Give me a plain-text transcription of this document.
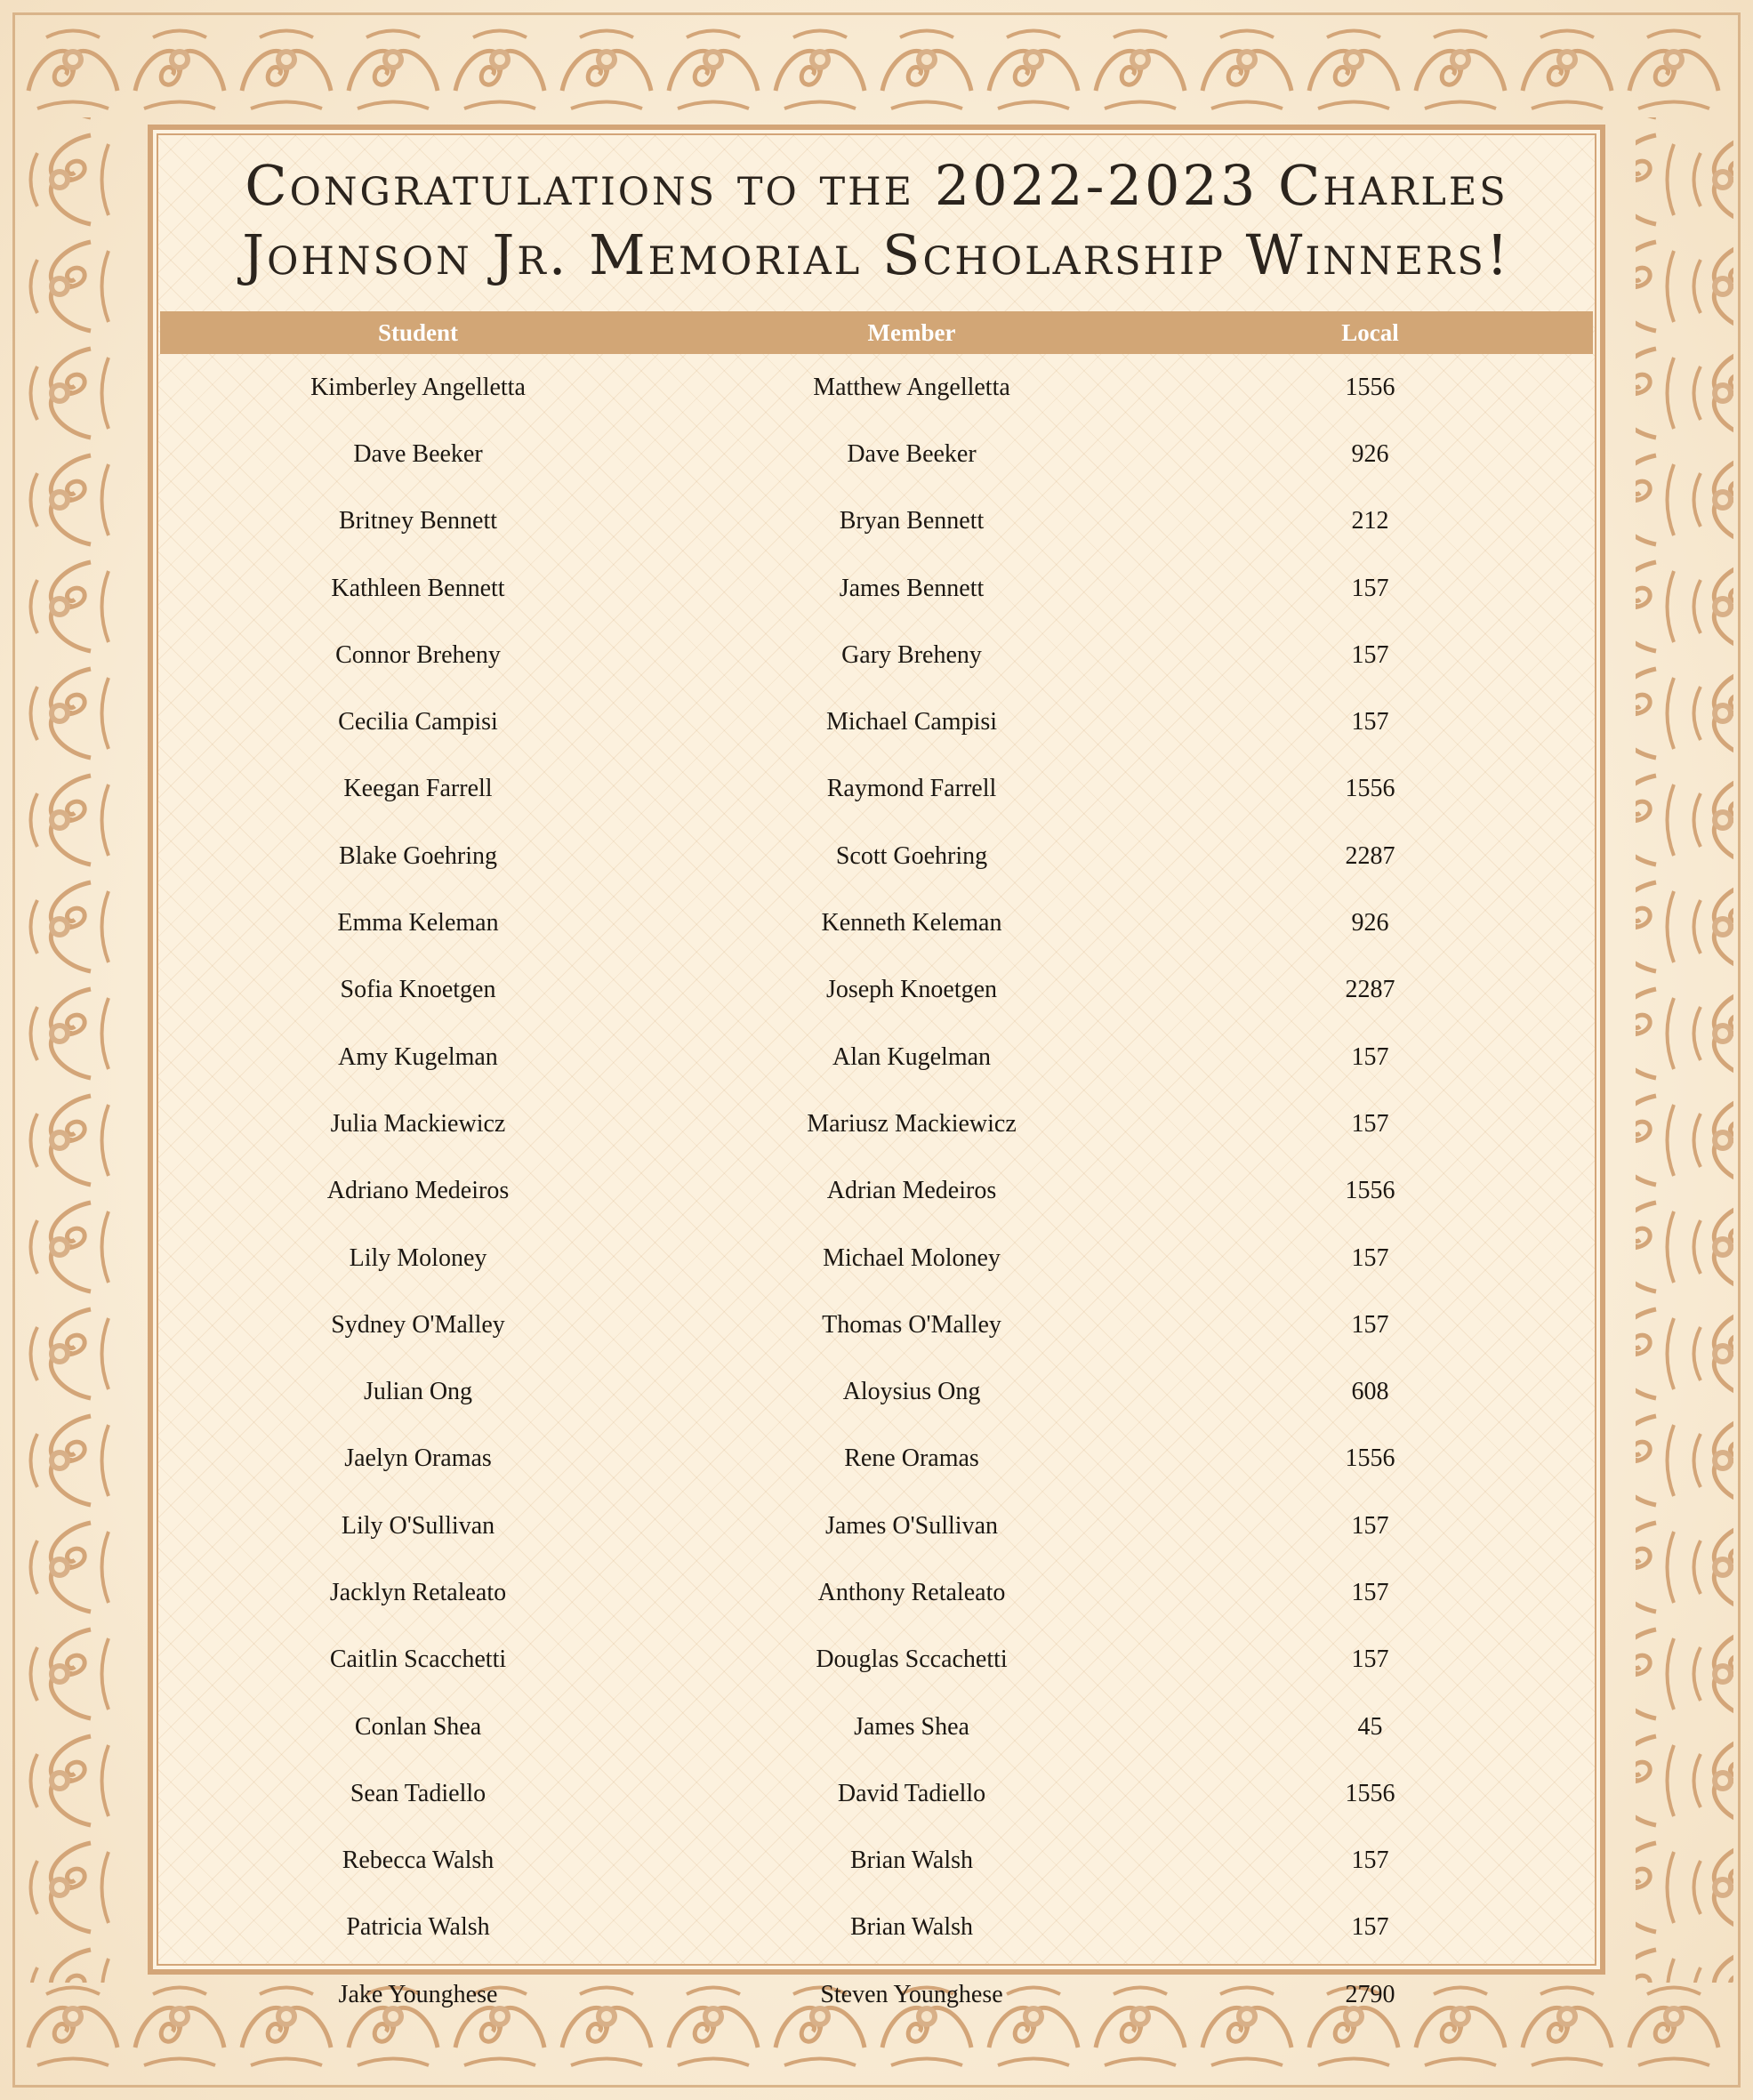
Congratulations to the 2022-2023 Charles Johnson Jr. Memorial Scholarship Winners!
Student	Member	Local
Kimberley Angelletta	Matthew Angelletta	1556
Dave Beeker	Dave Beeker	926
Britney Bennett	Bryan Bennett	212
Kathleen Bennett	James Bennett	157
Connor Breheny	Gary Breheny	157
Cecilia Campisi	Michael Campisi	157
Keegan Farrell	Raymond Farrell	1556
Blake Goehring	Scott Goehring	2287
Emma Keleman	Kenneth Keleman	926
Sofia Knoetgen	Joseph Knoetgen	2287
Amy Kugelman	Alan Kugelman	157
Julia Mackiewicz	Mariusz Mackiewicz	157
Adriano Medeiros	Adrian Medeiros	1556
Lily Moloney	Michael Moloney	157
Sydney O'Malley	Thomas O'Malley	157
Julian Ong	Aloysius Ong	608
Jaelyn Oramas	Rene Oramas	1556
Lily O'Sullivan	James O'Sullivan	157
Jacklyn Retaleato	Anthony Retaleato	157
Caitlin Scacchetti	Douglas Sccachetti	157
Conlan Shea	James Shea	45
Sean Tadiello	David Tadiello	1556
Rebecca Walsh	Brian Walsh	157
Patricia Walsh	Brian Walsh	157
Jake Younghese	Steven Younghese	2790
